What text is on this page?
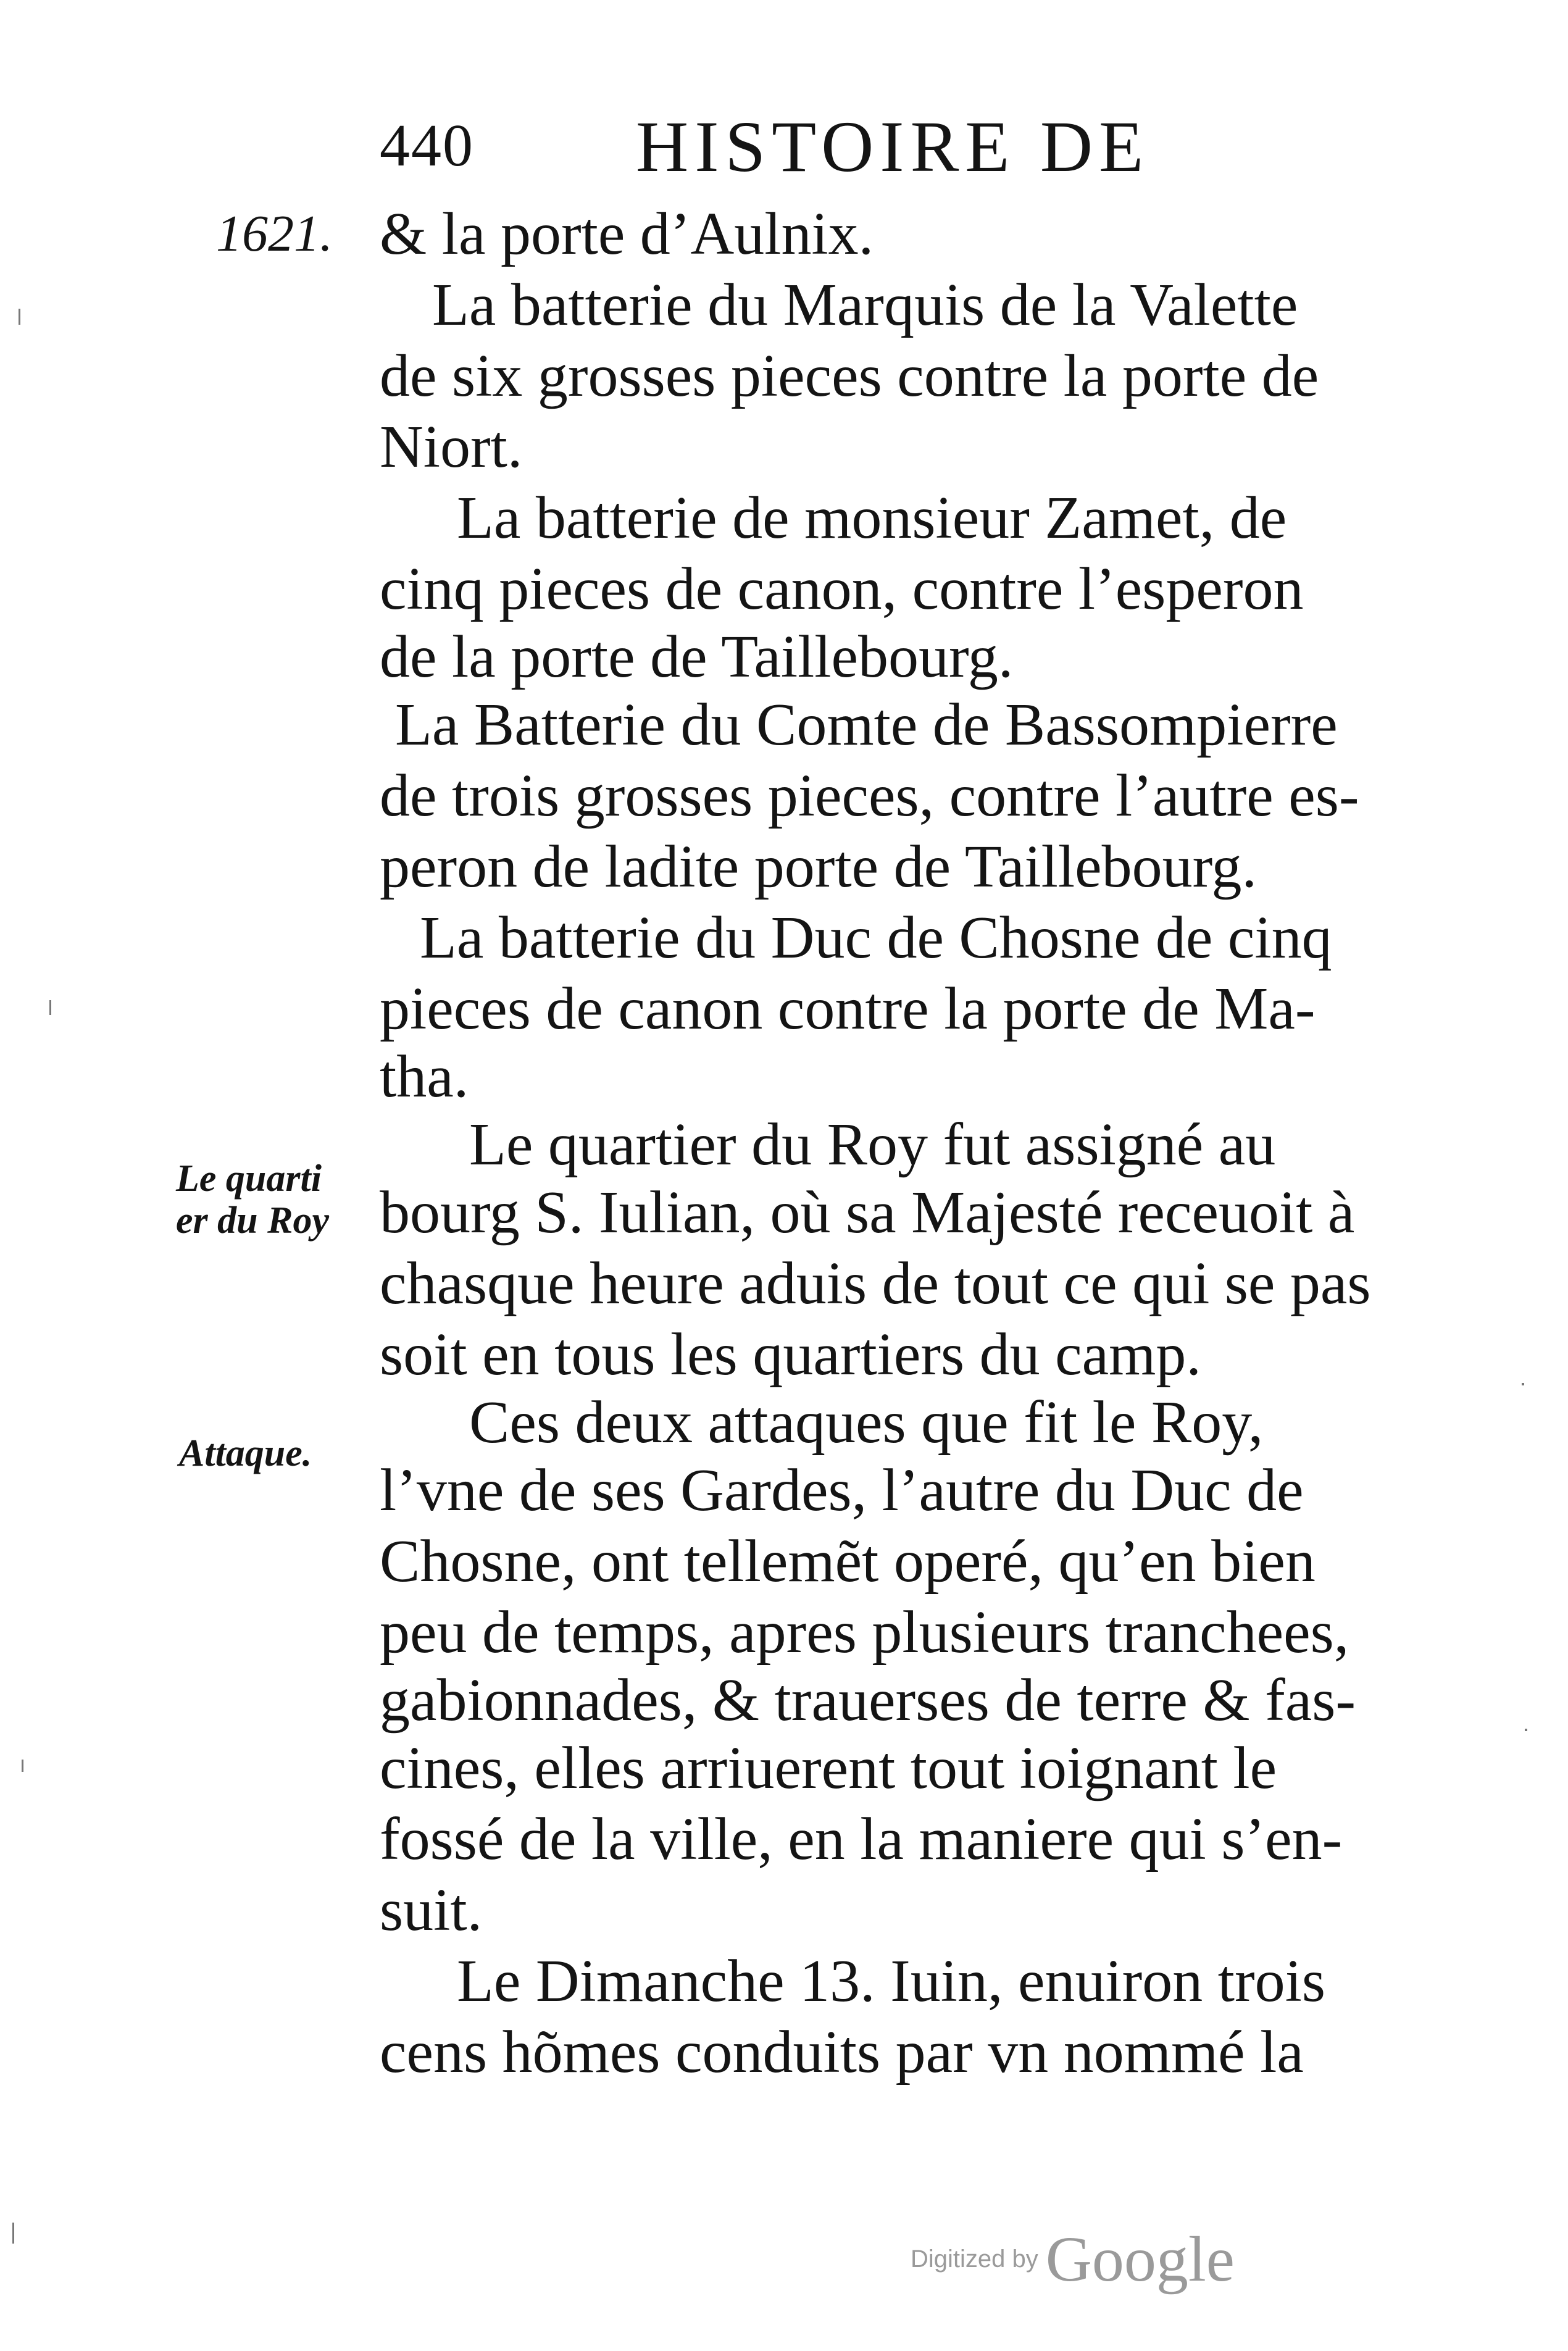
440 HISTOIRE DE
1621. & la porte d’Aulnix.
La batterie du Marquis de la Valette
de six grosses pieces contre la porte de
Niort.
La batterie de monsieur Zamet, de
cinq pieces de canon, contre l’esperon
de la porte de Taillebourg.
La Batterie du Comte de Bassompierre
de trois grosses pieces, contre l’autre es-
peron de ladite porte de Taillebourg.
La batterie du Duc de Chosne de cinq
pieces de canon contre la porte de Ma-
tha.
Le quartier du Roy fut assigné au
bourg S. Iulian, où sa Majesté receuoit à
chasque heure aduis de tout ce qui se pas
soit en tous les quartiers du camp.
Ces deux attaques que fit le Roy,
l’vne de ses Gardes, l’autre du Duc de
Chosne, ont tellemẽt operé, qu’en bien
peu de temps, apres plusieurs tranchees,
gabionnades, & trauerses de terre & fas-
cines, elles arriuerent tout ioignant le
fossé de la ville, en la maniere qui s’en-
suit.
Le Dimanche 13. Iuin, enuiron trois
cens hõmes conduits par vn nommé la
Le quarti
er du Roy
Attaque.
Digitized by Google
